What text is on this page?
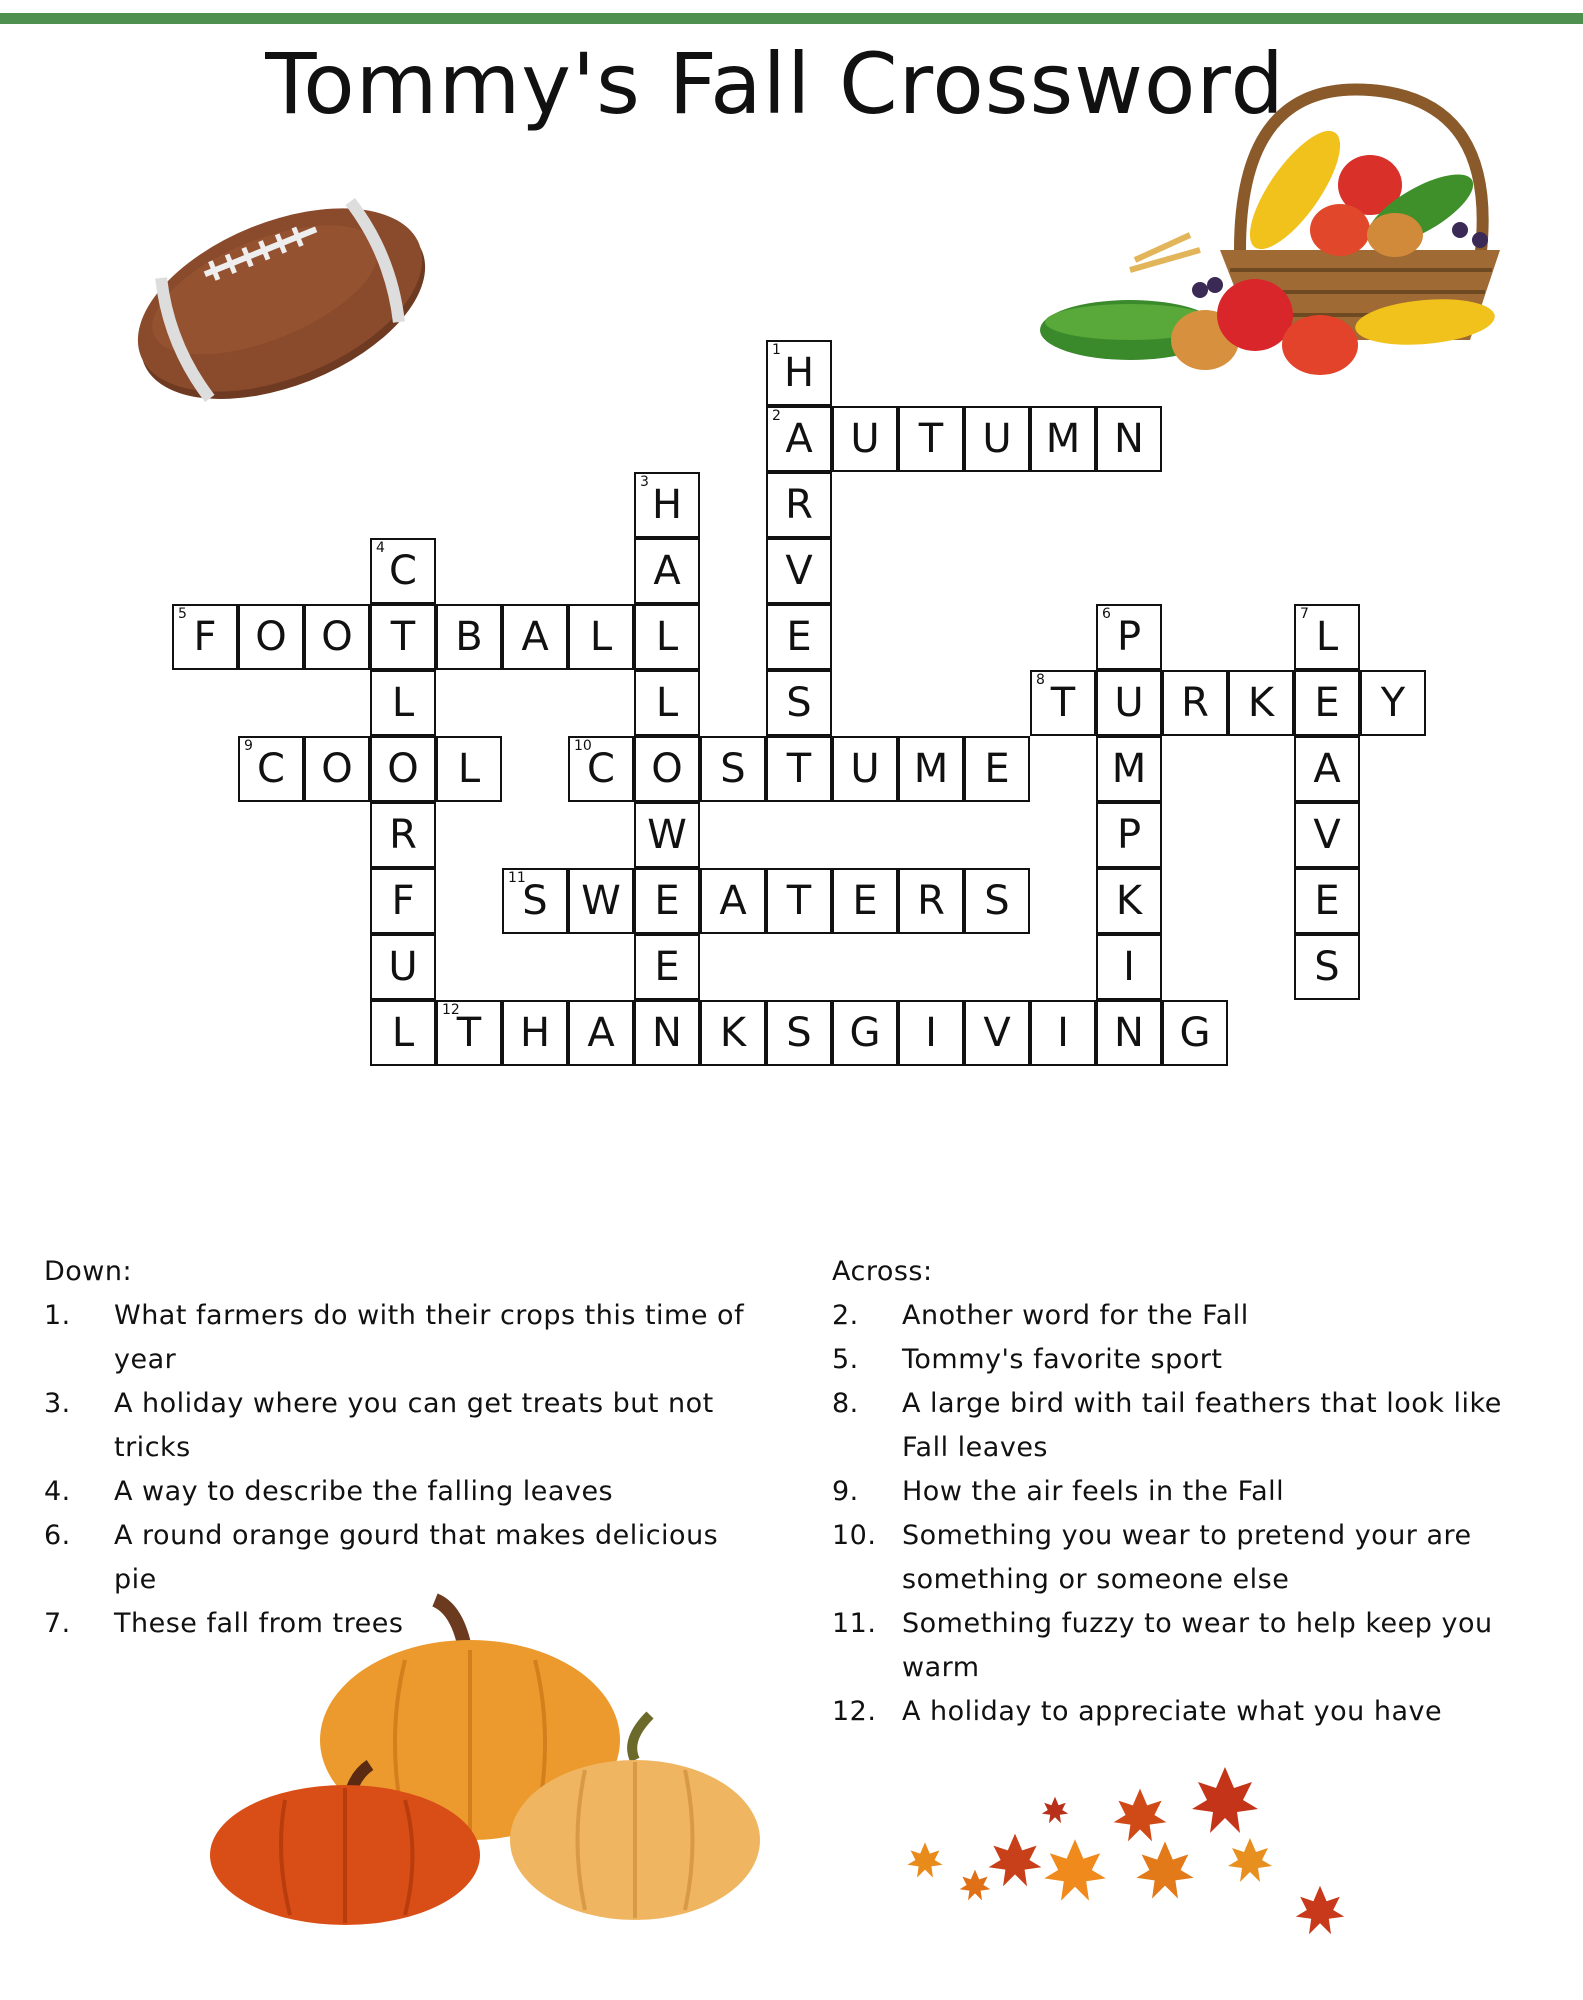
Tommy's Fall Crossword
1 H
2 A U T U M N
3 H	R
4 C	A	V
5 F O O T B A L L	E	6 P	7 L
L	L	S	8 T U R K E Y
9 C O O L	10
C O S T U M E	M	A
R	W	P	V
F	11
S W E A T E R S	K	E
U	E	I	S
L 12
T H A N K S G I V I N G
Down:
1.	What farmers do with their crops this time of year
3.	A holiday where you can get treats but not tricks
4.	A way to describe the falling leaves
6.	A round orange gourd that makes delicious pie
7.	These fall from trees
Across:
2.	Another word for the Fall
5.	Tommy's favorite sport
8.	A large bird with tail feathers that look like Fall leaves
9.	How the air feels in the Fall
10. Something you wear to pretend your are something or someone else
11. Something fuzzy to wear to help keep you warm
12. A holiday to appreciate what you have
